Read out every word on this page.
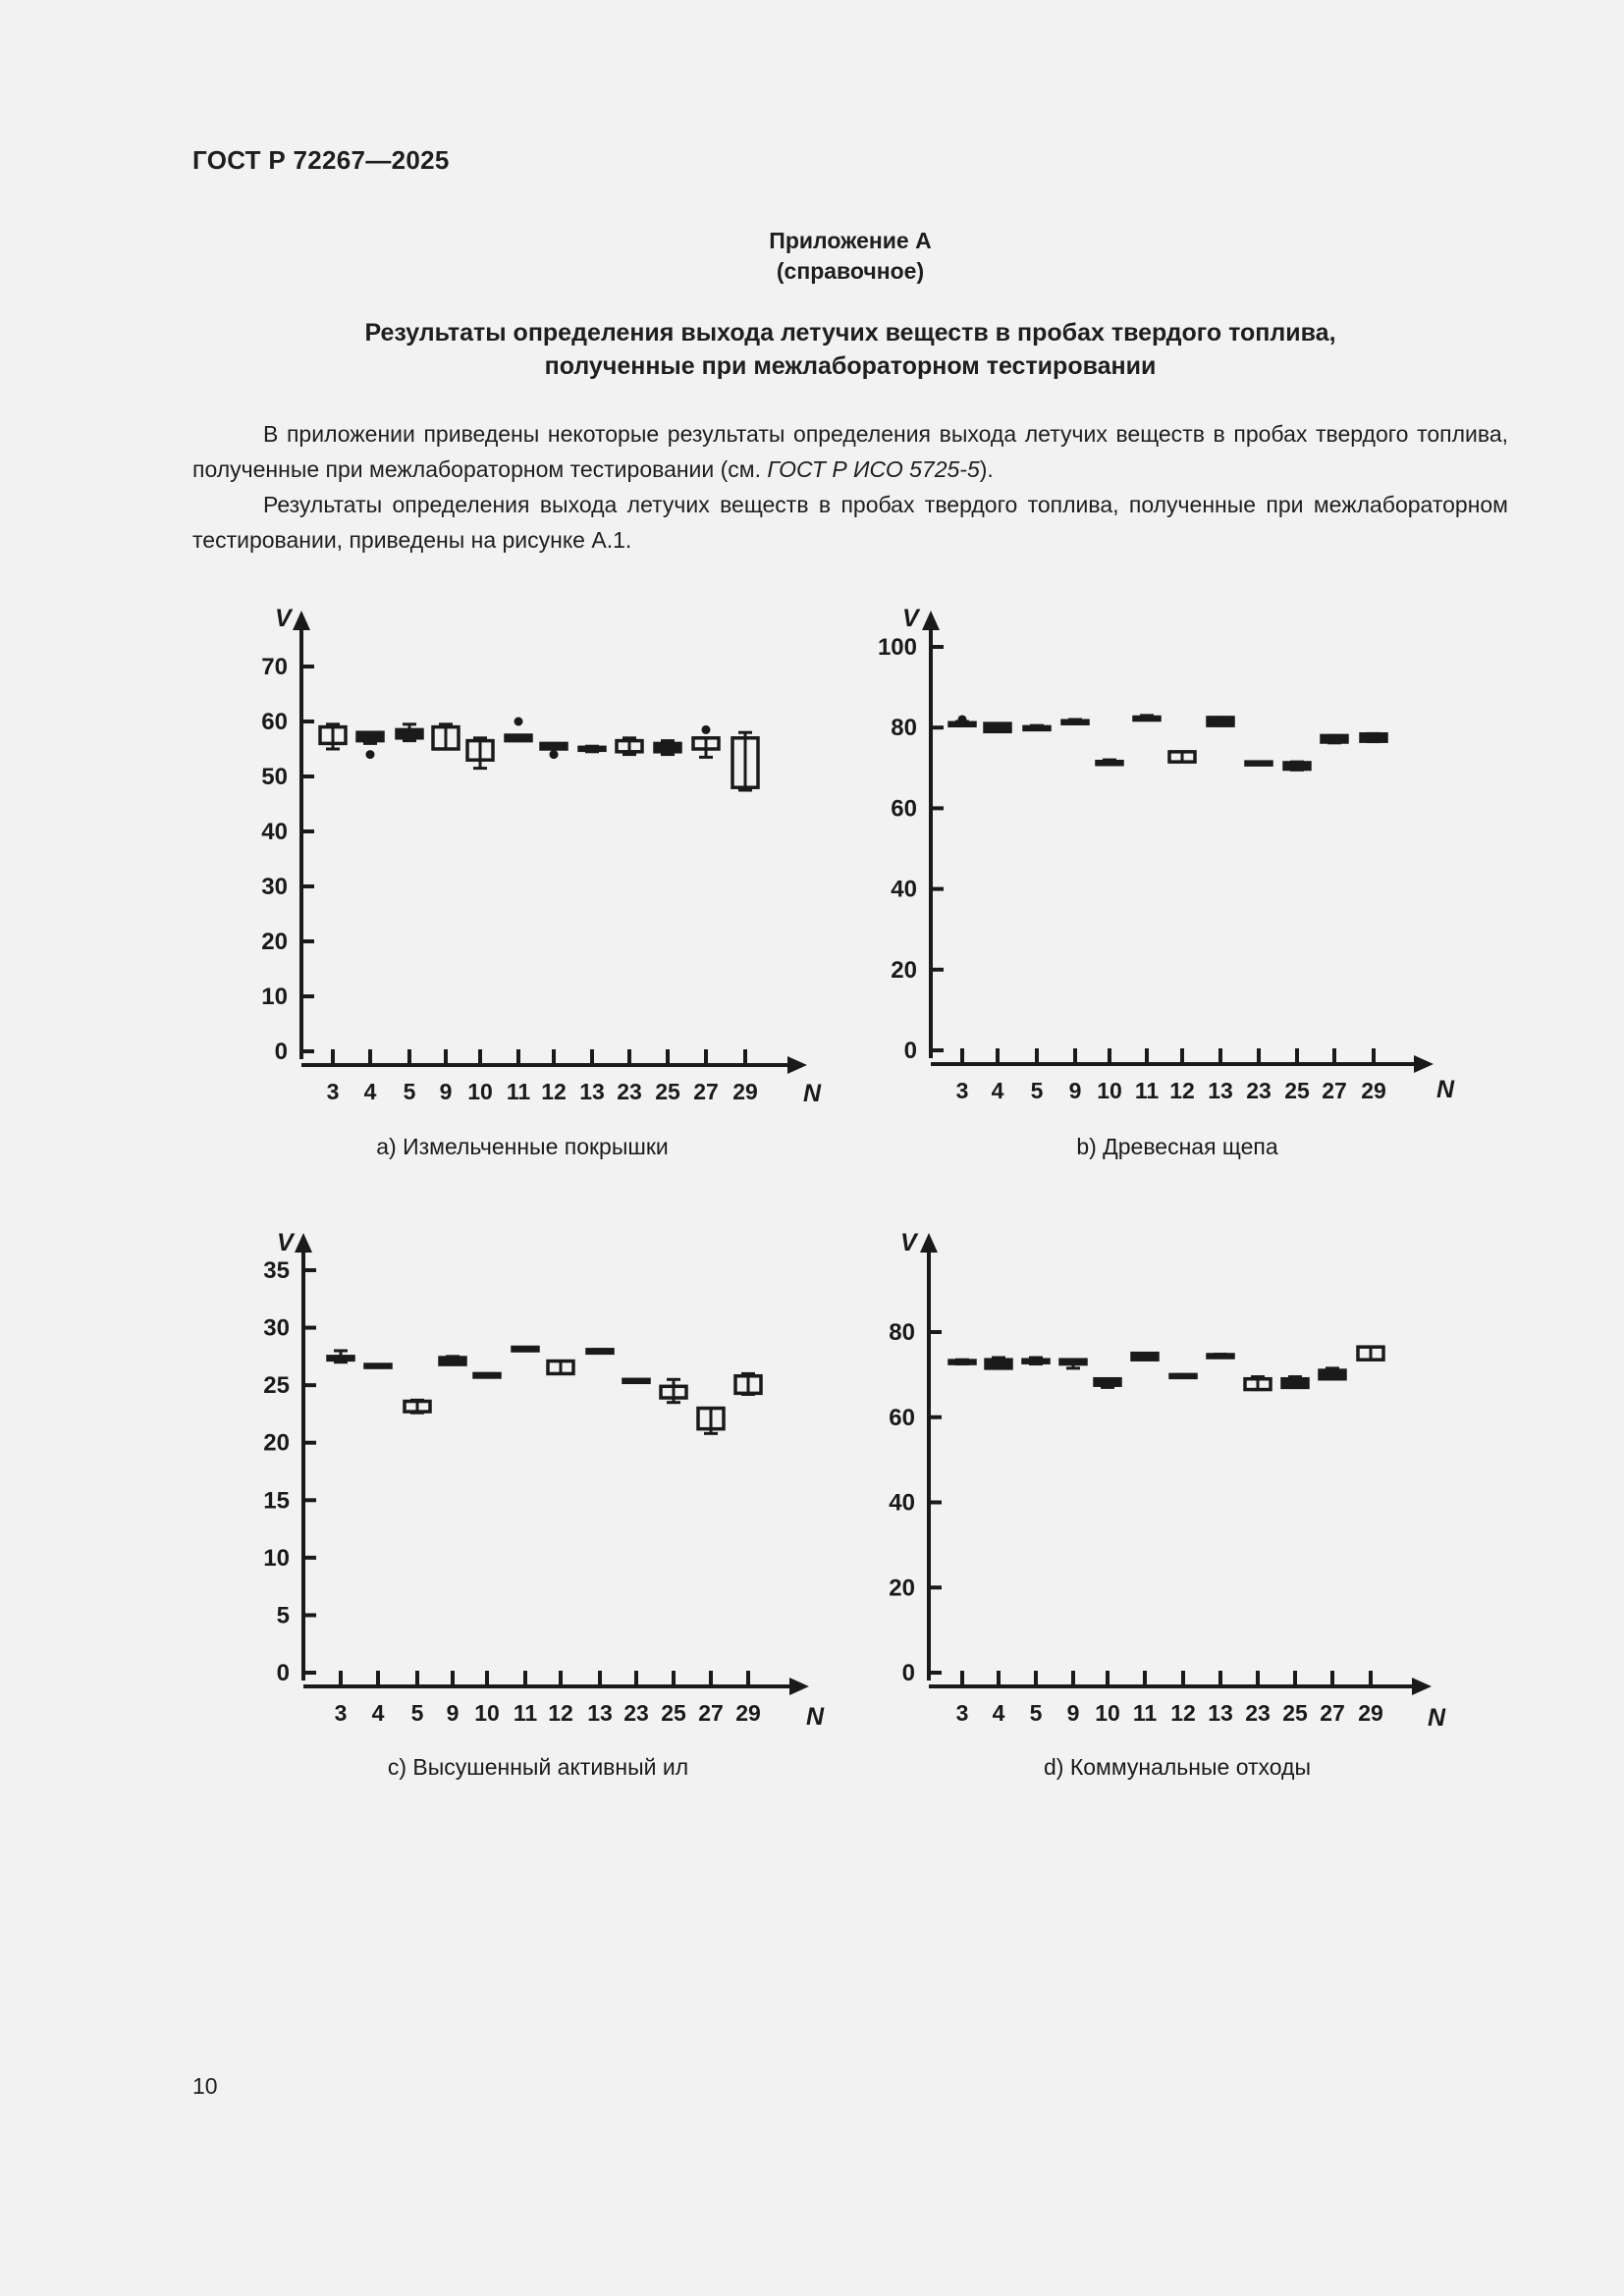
ГОСТ Р 72267—2025
Приложение А
(справочное)
Результаты определения выхода летучих веществ в пробах твердого топлива,
полученные при межлабораторном тестировании
В приложении приведены некоторые результаты определения выхода летучих веществ в пробах твердого топлива, полученные при межлабораторном тестировании (см. ГОСТ Р ИСО 5725-5).
Результаты определения выхода летучих веществ в пробах твердого топлива, полученные при межлабораторном тестировании, приведены на рисунке А.1.
V
N
0
10
20
30
40
50
60
70
3 4 5 9 10 11 12 13 23 25 27 29
a) Измельченные покрышки
V
N
0
20
40
60
80
100
3 4 5 9 10 11 12 13 23 25 27 29
b) Древесная щепа
V
N
0
5
10
15
20
25
30
35
3 4 5 9 10 11 12 13 23 25 27 29
c) Высушенный активный ил
V
N
0
20
40
60
80
3 4 5 9 10 11 12 13 23 25 27 29
d) Коммунальные отходы
10
